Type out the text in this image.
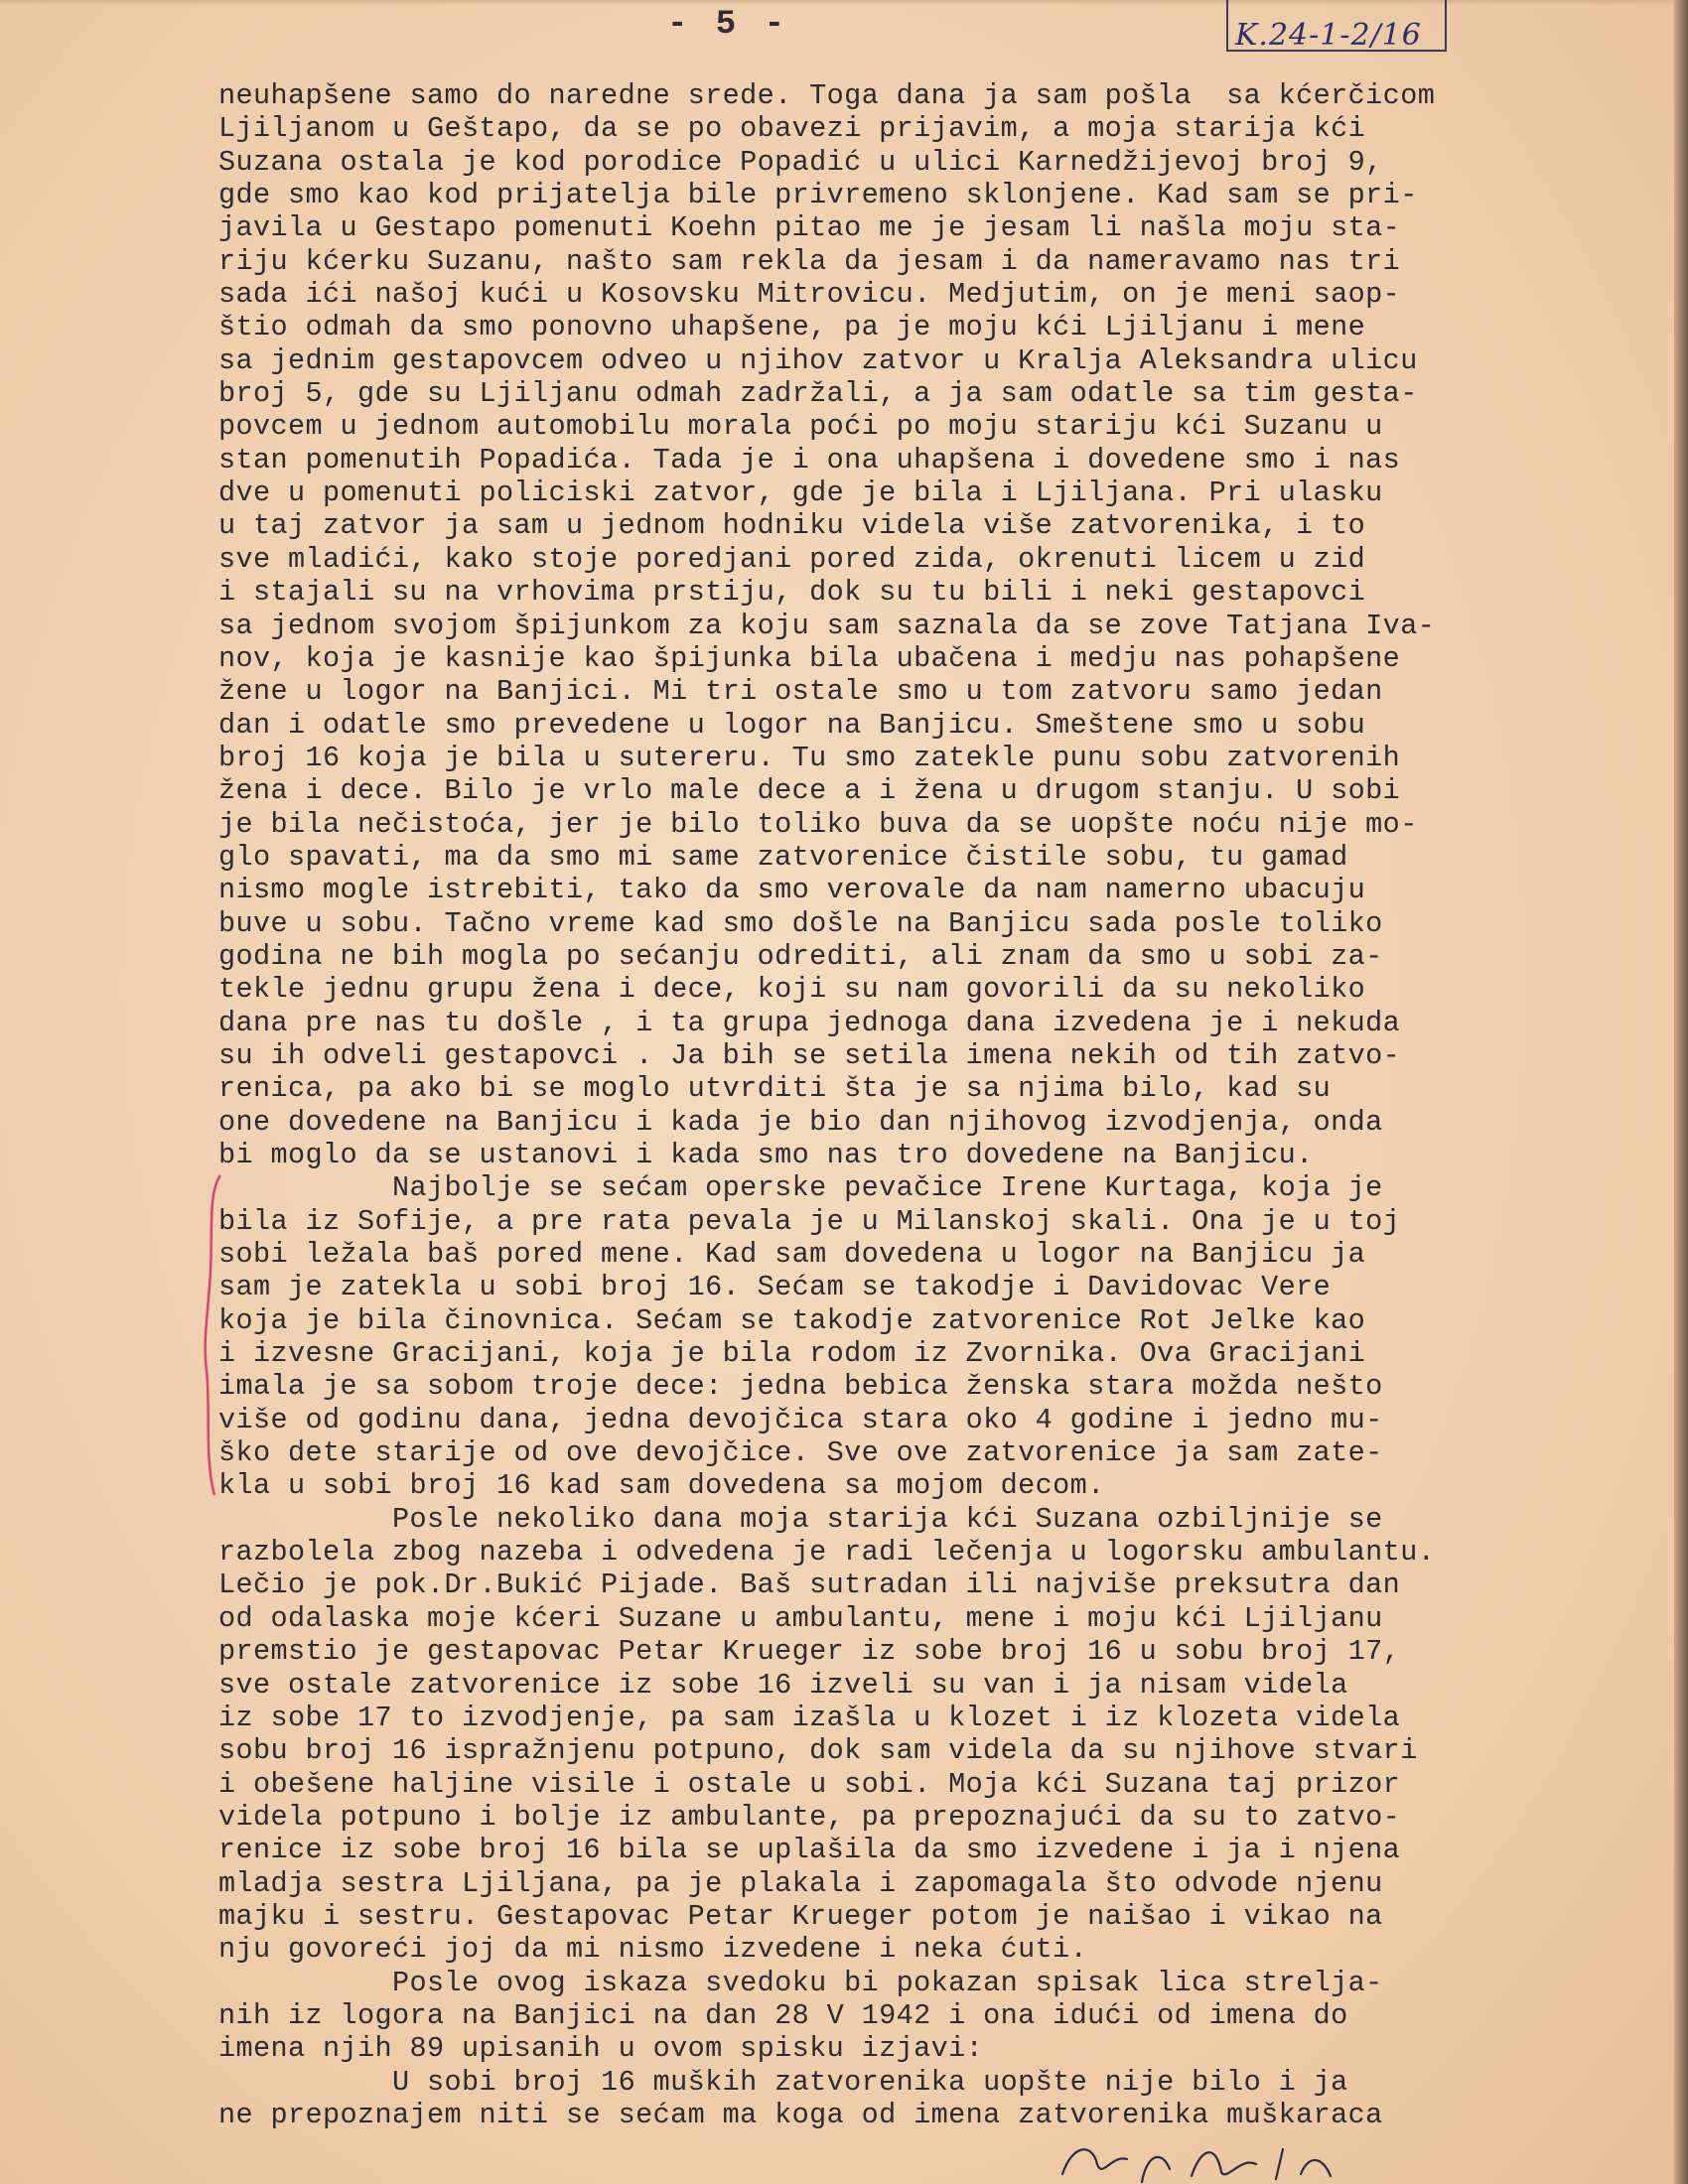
- 5 -	K.24-1-2/16
neuhapšene samo do naredne srede. Toga dana ja sam pošla  sa kćerčicom
Ljiljanom u Geštapo, da se po obavezi prijavim, a moja starija kći
Suzana ostala je kod porodice Popadić u ulici Karnedžijevoj broj 9,
gde smo kao kod prijatelja bile privremeno sklonjene. Kad sam se pri-
javila u Gestapo pomenuti Koehn pitao me je jesam li našla moju sta-
riju kćerku Suzanu, našto sam rekla da jesam i da nameravamo nas tri
sada ići našoj kući u Kosovsku Mitrovicu. Medjutim, on je meni saop-
štio odmah da smo ponovno uhapšene, pa je moju kći Ljiljanu i mene
sa jednim gestapovcem odveo u njihov zatvor u Kralja Aleksandra ulicu
broj 5, gde su Ljiljanu odmah zadržali, a ja sam odatle sa tim gesta-
povcem u jednom automobilu morala poći po moju stariju kći Suzanu u
stan pomenutih Popadića. Tada je i ona uhapšena i dovedene smo i nas
dve u pomenuti policiski zatvor, gde je bila i Ljiljana. Pri ulasku
u taj zatvor ja sam u jednom hodniku videla više zatvorenika, i to
sve mladići, kako stoje poredjani pored zida, okrenuti licem u zid
i stajali su na vrhovima prstiju, dok su tu bili i neki gestapovci
sa jednom svojom špijunkom za koju sam saznala da se zove Tatjana Iva-
nov, koja je kasnije kao špijunka bila ubačena i medju nas pohapšene
žene u logor na Banjici. Mi tri ostale smo u tom zatvoru samo jedan
dan i odatle smo prevedene u logor na Banjicu. Smeštene smo u sobu
broj 16 koja je bila u sutereru. Tu smo zatekle punu sobu zatvorenih
žena i dece. Bilo je vrlo male dece a i žena u drugom stanju. U sobi
je bila nečistoća, jer je bilo toliko buva da se uopšte noću nije mo-
glo spavati, ma da smo mi same zatvorenice čistile sobu, tu gamad
nismo mogle istrebiti, tako da smo verovale da nam namerno ubacuju
buve u sobu. Tačno vreme kad smo došle na Banjicu sada posle toliko
godina ne bih mogla po sećanju odrediti, ali znam da smo u sobi za-
tekle jednu grupu žena i dece, koji su nam govorili da su nekoliko
dana pre nas tu došle , i ta grupa jednoga dana izvedena je i nekuda
su ih odveli gestapovci . Ja bih se setila imena nekih od tih zatvo-
renica, pa ako bi se moglo utvrditi šta je sa njima bilo, kad su
one dovedene na Banjicu i kada je bio dan njihovog izvodjenja, onda
bi moglo da se ustanovi i kada smo nas tro dovedene na Banjicu.
Najbolje se sećam operske pevačice Irene Kurtaga, koja je
bila iz Sofije, a pre rata pevala je u Milanskoj skali. Ona je u toj
sobi ležala baš pored mene. Kad sam dovedena u logor na Banjicu ja
sam je zatekla u sobi broj 16. Sećam se takodje i Davidovac Vere
koja je bila činovnica. Sećam se takodje zatvorenice Rot Jelke kao
i izvesne Gracijani, koja je bila rodom iz Zvornika. Ova Gracijani
imala je sa sobom troje dece: jedna bebica ženska stara možda nešto
više od godinu dana, jedna devojčica stara oko 4 godine i jedno mu-
ško dete starije od ove devojčice. Sve ove zatvorenice ja sam zate-
kla u sobi broj 16 kad sam dovedena sa mojom decom.
Posle nekoliko dana moja starija kći Suzana ozbiljnije se
razbolela zbog nazeba i odvedena je radi lečenja u logorsku ambulantu.
Lečio je pok.Dr.Bukić Pijade. Baš sutradan ili najviše preksutra dan
od odalaska moje kćeri Suzane u ambulantu, mene i moju kći Ljiljanu
premstio je gestapovac Petar Krueger iz sobe broj 16 u sobu broj 17,
sve ostale zatvorenice iz sobe 16 izveli su van i ja nisam videla
iz sobe 17 to izvodjenje, pa sam izašla u klozet i iz klozeta videla
sobu broj 16 ispražnjenu potpuno, dok sam videla da su njihove stvari
i obešene haljine visile i ostale u sobi. Moja kći Suzana taj prizor
videla potpuno i bolje iz ambulante, pa prepoznajući da su to zatvo-
renice iz sobe broj 16 bila se uplašila da smo izvedene i ja i njena
mladja sestra Ljiljana, pa je plakala i zapomagala što odvode njenu
majku i sestru. Gestapovac Petar Krueger potom je naišao i vikao na
nju govoreći joj da mi nismo izvedene i neka ćuti.
Posle ovog iskaza svedoku bi pokazan spisak lica strelja-
nih iz logora na Banjici na dan 28 V 1942 i ona idući od imena do
imena njih 89 upisanih u ovom spisku izjavi:
U sobi broj 16 muških zatvorenika uopšte nije bilo i ja
ne prepoznajem niti se sećam ma koga od imena zatvorenika muškaraca
